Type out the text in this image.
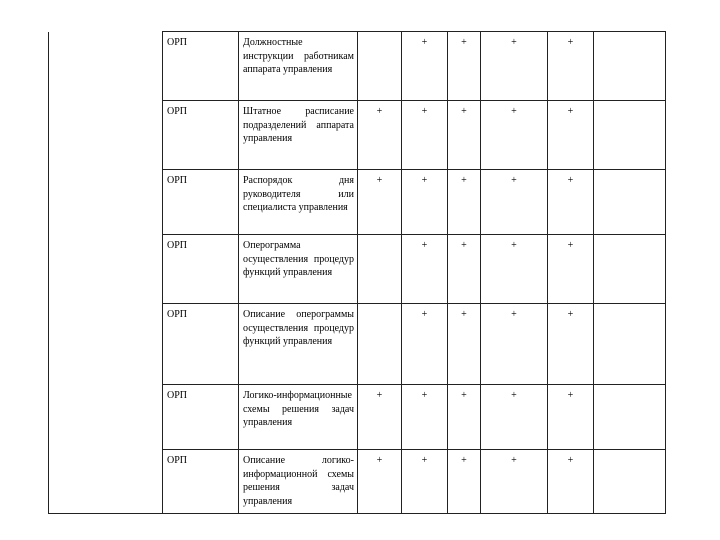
	ОРП	Должностные инструкции работникам аппарата управления		+	+	+	+	
	ОРП	Штатное расписание подразделений аппарата управления	+	+	+	+	+	
	ОРП	Распорядок дня руководителя или специалиста управления	+	+	+	+	+	
	ОРП	Оперограмма осуществления процедур функций управления		+	+	+	+	
	ОРП	Описание оперограммы осуществления процедур функций управления		+	+	+	+	
	ОРП	Логико-информационные схемы решения задач управления	+	+	+	+	+	
	ОРП	Описание логико-информационной схемы решения задач управления	+	+	+	+	+	
